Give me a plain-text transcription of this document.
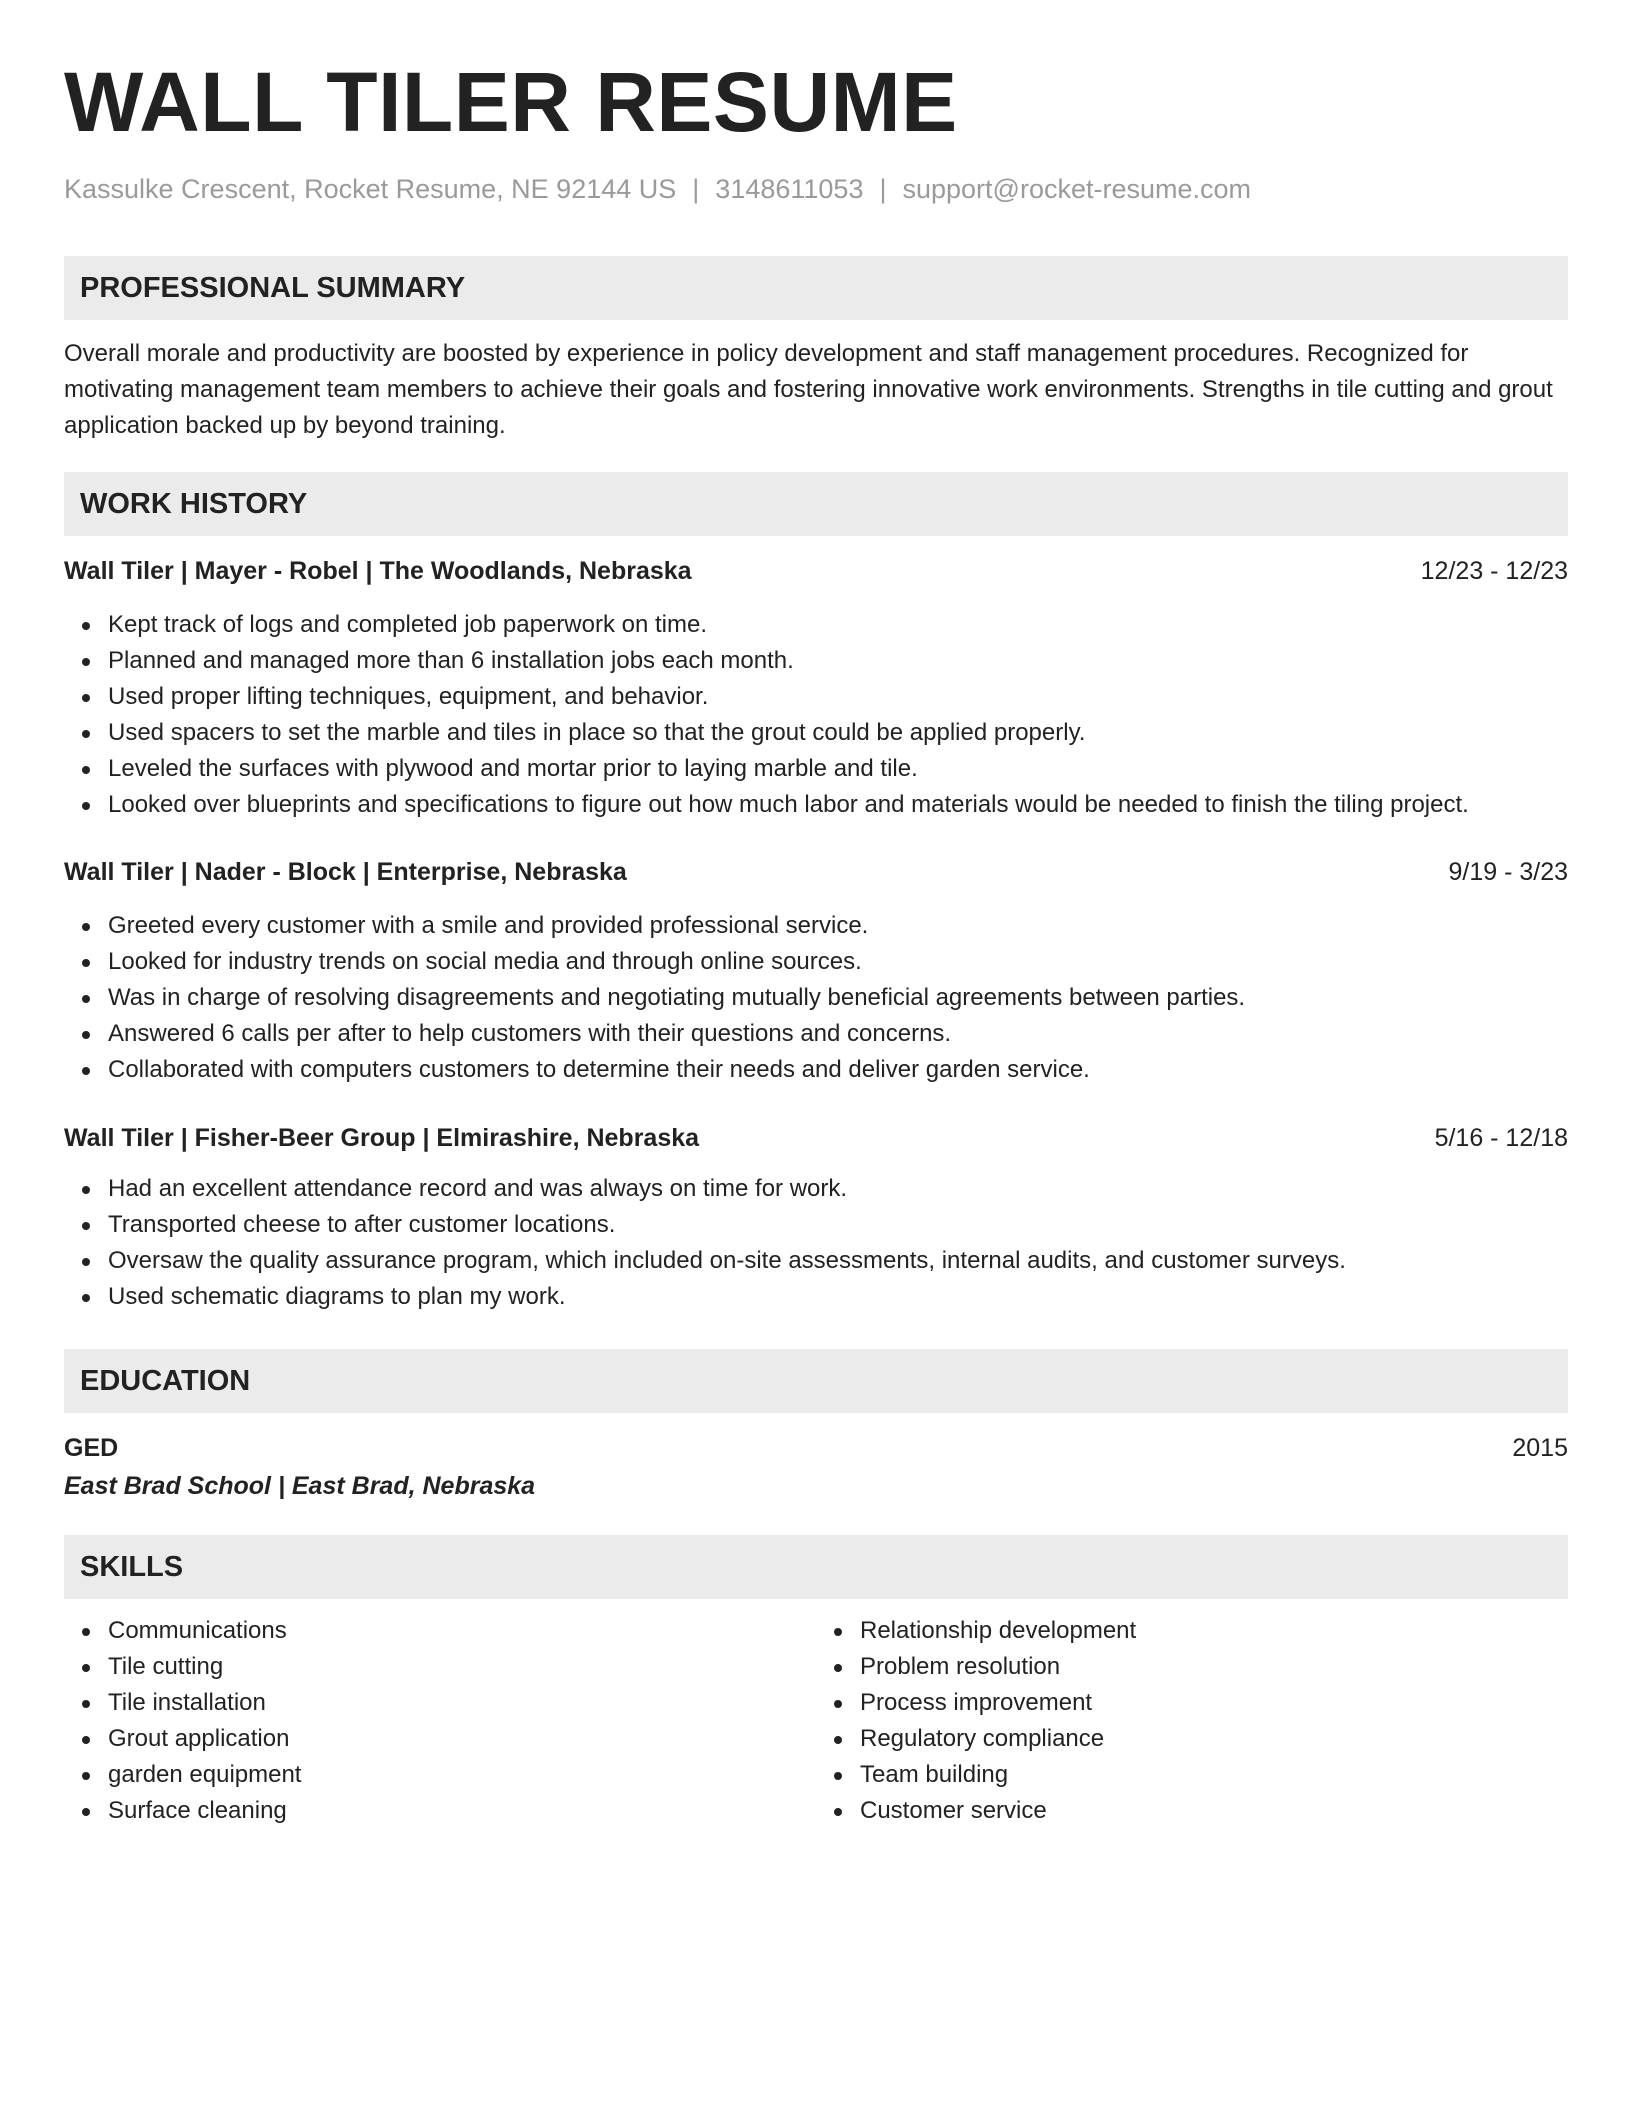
WALL TILER RESUME
Kassulke Crescent, Rocket Resume, NE 92144 US | 3148611053 | support@rocket-resume.com
PROFESSIONAL SUMMARY

Overall morale and productivity are boosted by experience in policy development and staff management procedures. Recognized for motivating management team members to achieve their goals and fostering innovative work environments. Strengths in tile cutting and grout application backed up by beyond training.

WORK HISTORY
Wall Tiler | Mayer - Robel | The Woodlands, Nebraska	12/23 - 12/23
Kept track of logs and completed job paperwork on time.
Planned and managed more than 6 installation jobs each month.
Used proper lifting techniques, equipment, and behavior.
Used spacers to set the marble and tiles in place so that the grout could be applied properly.
Leveled the surfaces with plywood and mortar prior to laying marble and tile.
Looked over blueprints and specifications to figure out how much labor and materials would be needed to finish the tiling project.
Wall Tiler | Nader - Block | Enterprise, Nebraska	9/19 - 3/23
Greeted every customer with a smile and provided professional service.
Looked for industry trends on social media and through online sources.
Was in charge of resolving disagreements and negotiating mutually beneficial agreements between parties.
Answered 6 calls per after to help customers with their questions and concerns.
Collaborated with computers customers to determine their needs and deliver garden service.
Wall Tiler | Fisher-Beer Group | Elmirashire, Nebraska	5/16 - 12/18
Had an excellent attendance record and was always on time for work.
Transported cheese to after customer locations.
Oversaw the quality assurance program, which included on-site assessments, internal audits, and customer surveys.
Used schematic diagrams to plan my work.
EDUCATION
GED	2015
East Brad School | East Brad, Nebraska
SKILLS
Communications
Tile cutting
Tile installation
Grout application
garden equipment
Surface cleaning
Relationship development
Problem resolution
Process improvement
Regulatory compliance
Team building
Customer service
